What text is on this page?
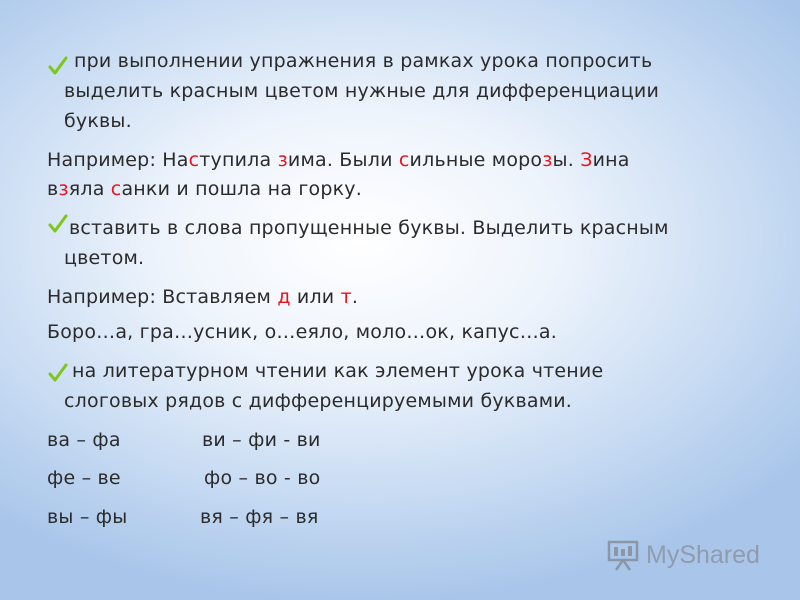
при выполнении упражнения в рамках урока попросить
выделить красным цветом нужные для дифференциации
буквы.
Например: Наступила зима. Были сильные морозы. Зина
взяла санки и пошла на горку.
вставить в слова пропущенные буквы. Выделить красным
цветом.
Например: Вставляем д или т.
Боро…а, гра…усник, о…еяло, моло…ок, капус…а.
на литературном чтении как элемент урока чтение
слоговых рядов с дифференцируемыми буквами.
ва – фа	ви – фи - ви
фе – ве	фо – во - во
вы – фы	вя – фя – вя
MyShared
